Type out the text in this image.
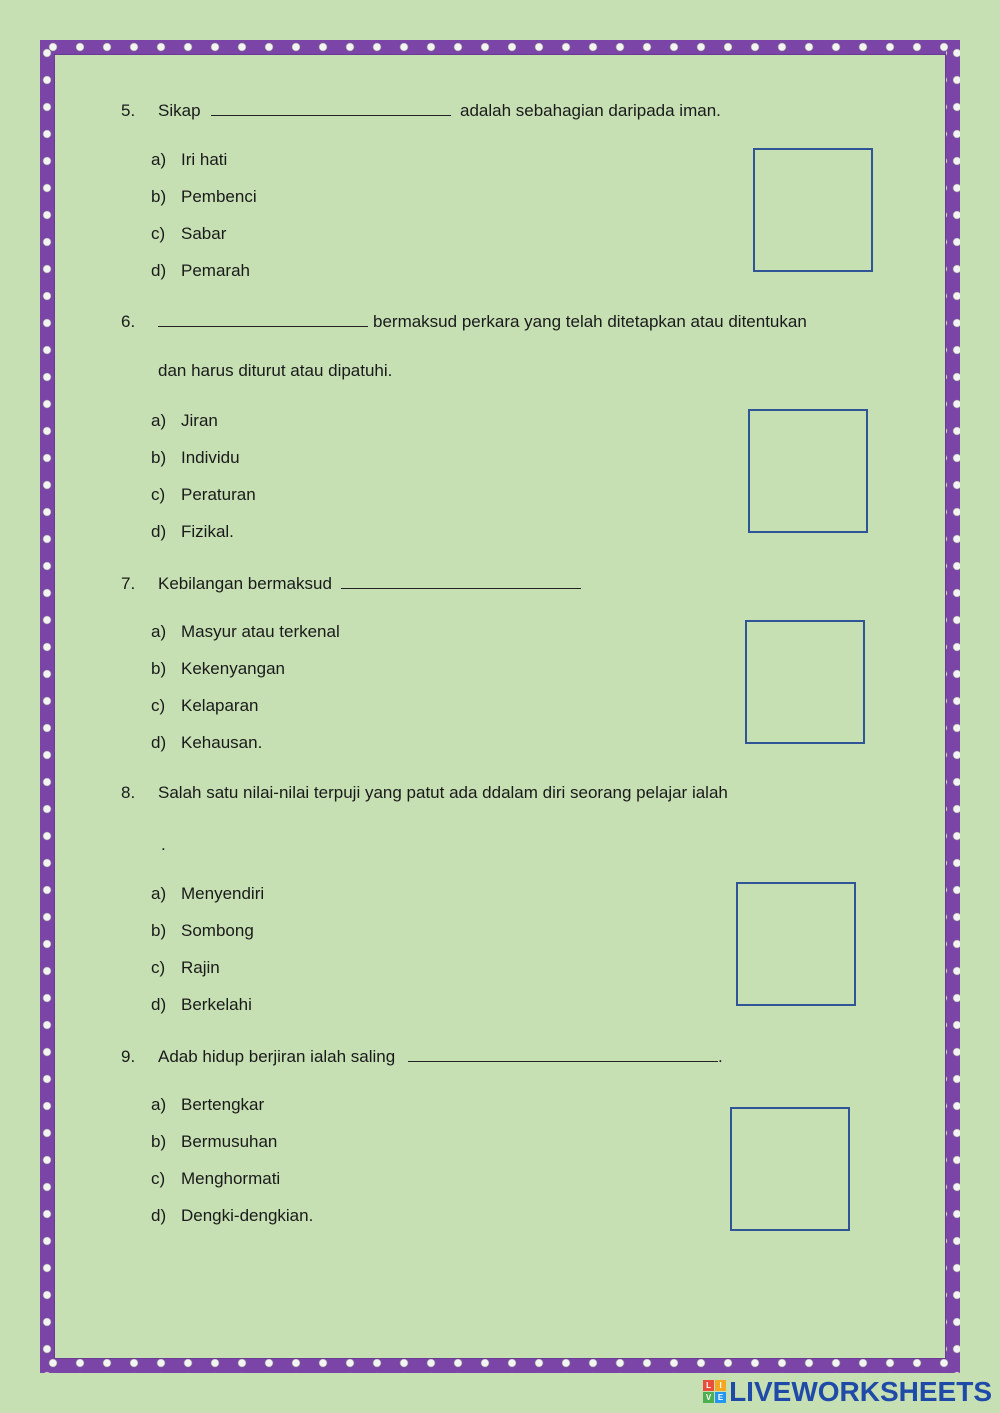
5. Sikap	adalah sebahagian daripada iman.
a) Iri hati
b) Pembenci
c) Sabar
d) Pemarah
6.	bermaksud perkara yang telah ditetapkan atau ditentukan
dan harus diturut atau dipatuhi.
a) Jiran
b) Individu
c) Peraturan
d) Fizikal.
7. Kebilangan bermaksud
a) Masyur atau terkenal
b) Kekenyangan
c) Kelaparan
d) Kehausan.
8. Salah satu nilai-nilai terpuji yang patut ada ddalam diri seorang pelajar ialah
.
a) Menyendiri
b) Sombong
c) Rajin
d) Berkelahi
9. Adab hidup berjiran ialah saling	.
a) Bertengkar
b) Bermusuhan
c) Menghormati
d) Dengki-dengkian.
L	I
V E LIVEWORKSHEETS
